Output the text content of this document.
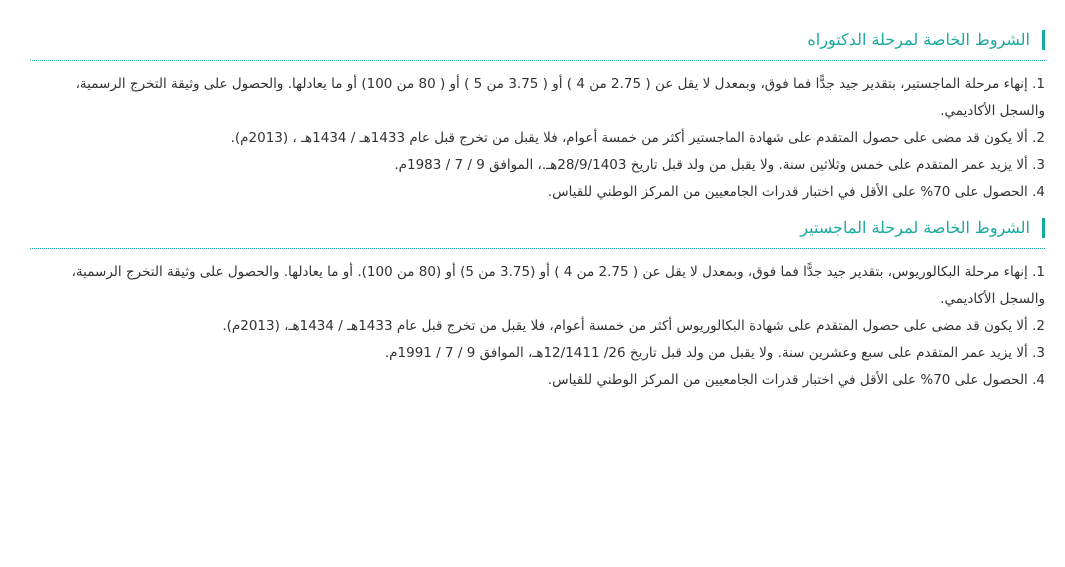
الشروط الخاصة لمرحلة الدكتوراه
1. إنهاء مرحلة الماجستير، بتقدير جيد جدًّا فما فوق، وبمعدل لا يقل عن ( 2.75 من 4 ) أو ( 3.75 من 5 ) أو ( 80 من 100) أو ما يعادلها. والحصول على وثيقة التخرج الرسمية، والسجل الأكاديمي.
2. ألا يكون قد مضى على حصول المتقدم على شهادة الماجستير أكثر من خمسة أعوام، فلا يقبل من تخرج قبل عام 1433هـ / 1434هـ ، (2013م).
3. ألا يزيد عمر المتقدم على خمس وثلاثين سنة. ولا يقبل من ولد قبل تاريخ 28/9/1403هـ.، الموافق 9 / 7 / 1983م.
4. الحصول على 70% على الأقل في اختبار قدرات الجامعيين من المركز الوطني للقياس.
الشروط الخاصة لمرحلة الماجستير
1. إنهاء مرحلة البكالوريوس، بتقدير جيد جدًّا فما فوق، وبمعدل لا يقل عن ( 2.75 من 4 ) أو (3.75 من 5) أو (80 من 100). أو ما يعادلها. والحصول على وثيقة التخرج الرسمية، والسجل الأكاديمي.
2. ألا يكون قد مضى على حصول المتقدم على شهادة البكالوريوس أكثر من خمسة أعوام، فلا يقبل من تخرج قبل عام 1433هـ / 1434هـ، (2013م).
3. ألا يزيد عمر المتقدم على سبع وعشرين سنة. ولا يقبل من ولد قبل تاريخ 26/ 12/1411هـ، الموافق 9 / 7 / 1991م.
4. الحصول على 70% على الأقل في اختبار قدرات الجامعيين من المركز الوطني للقياس.
